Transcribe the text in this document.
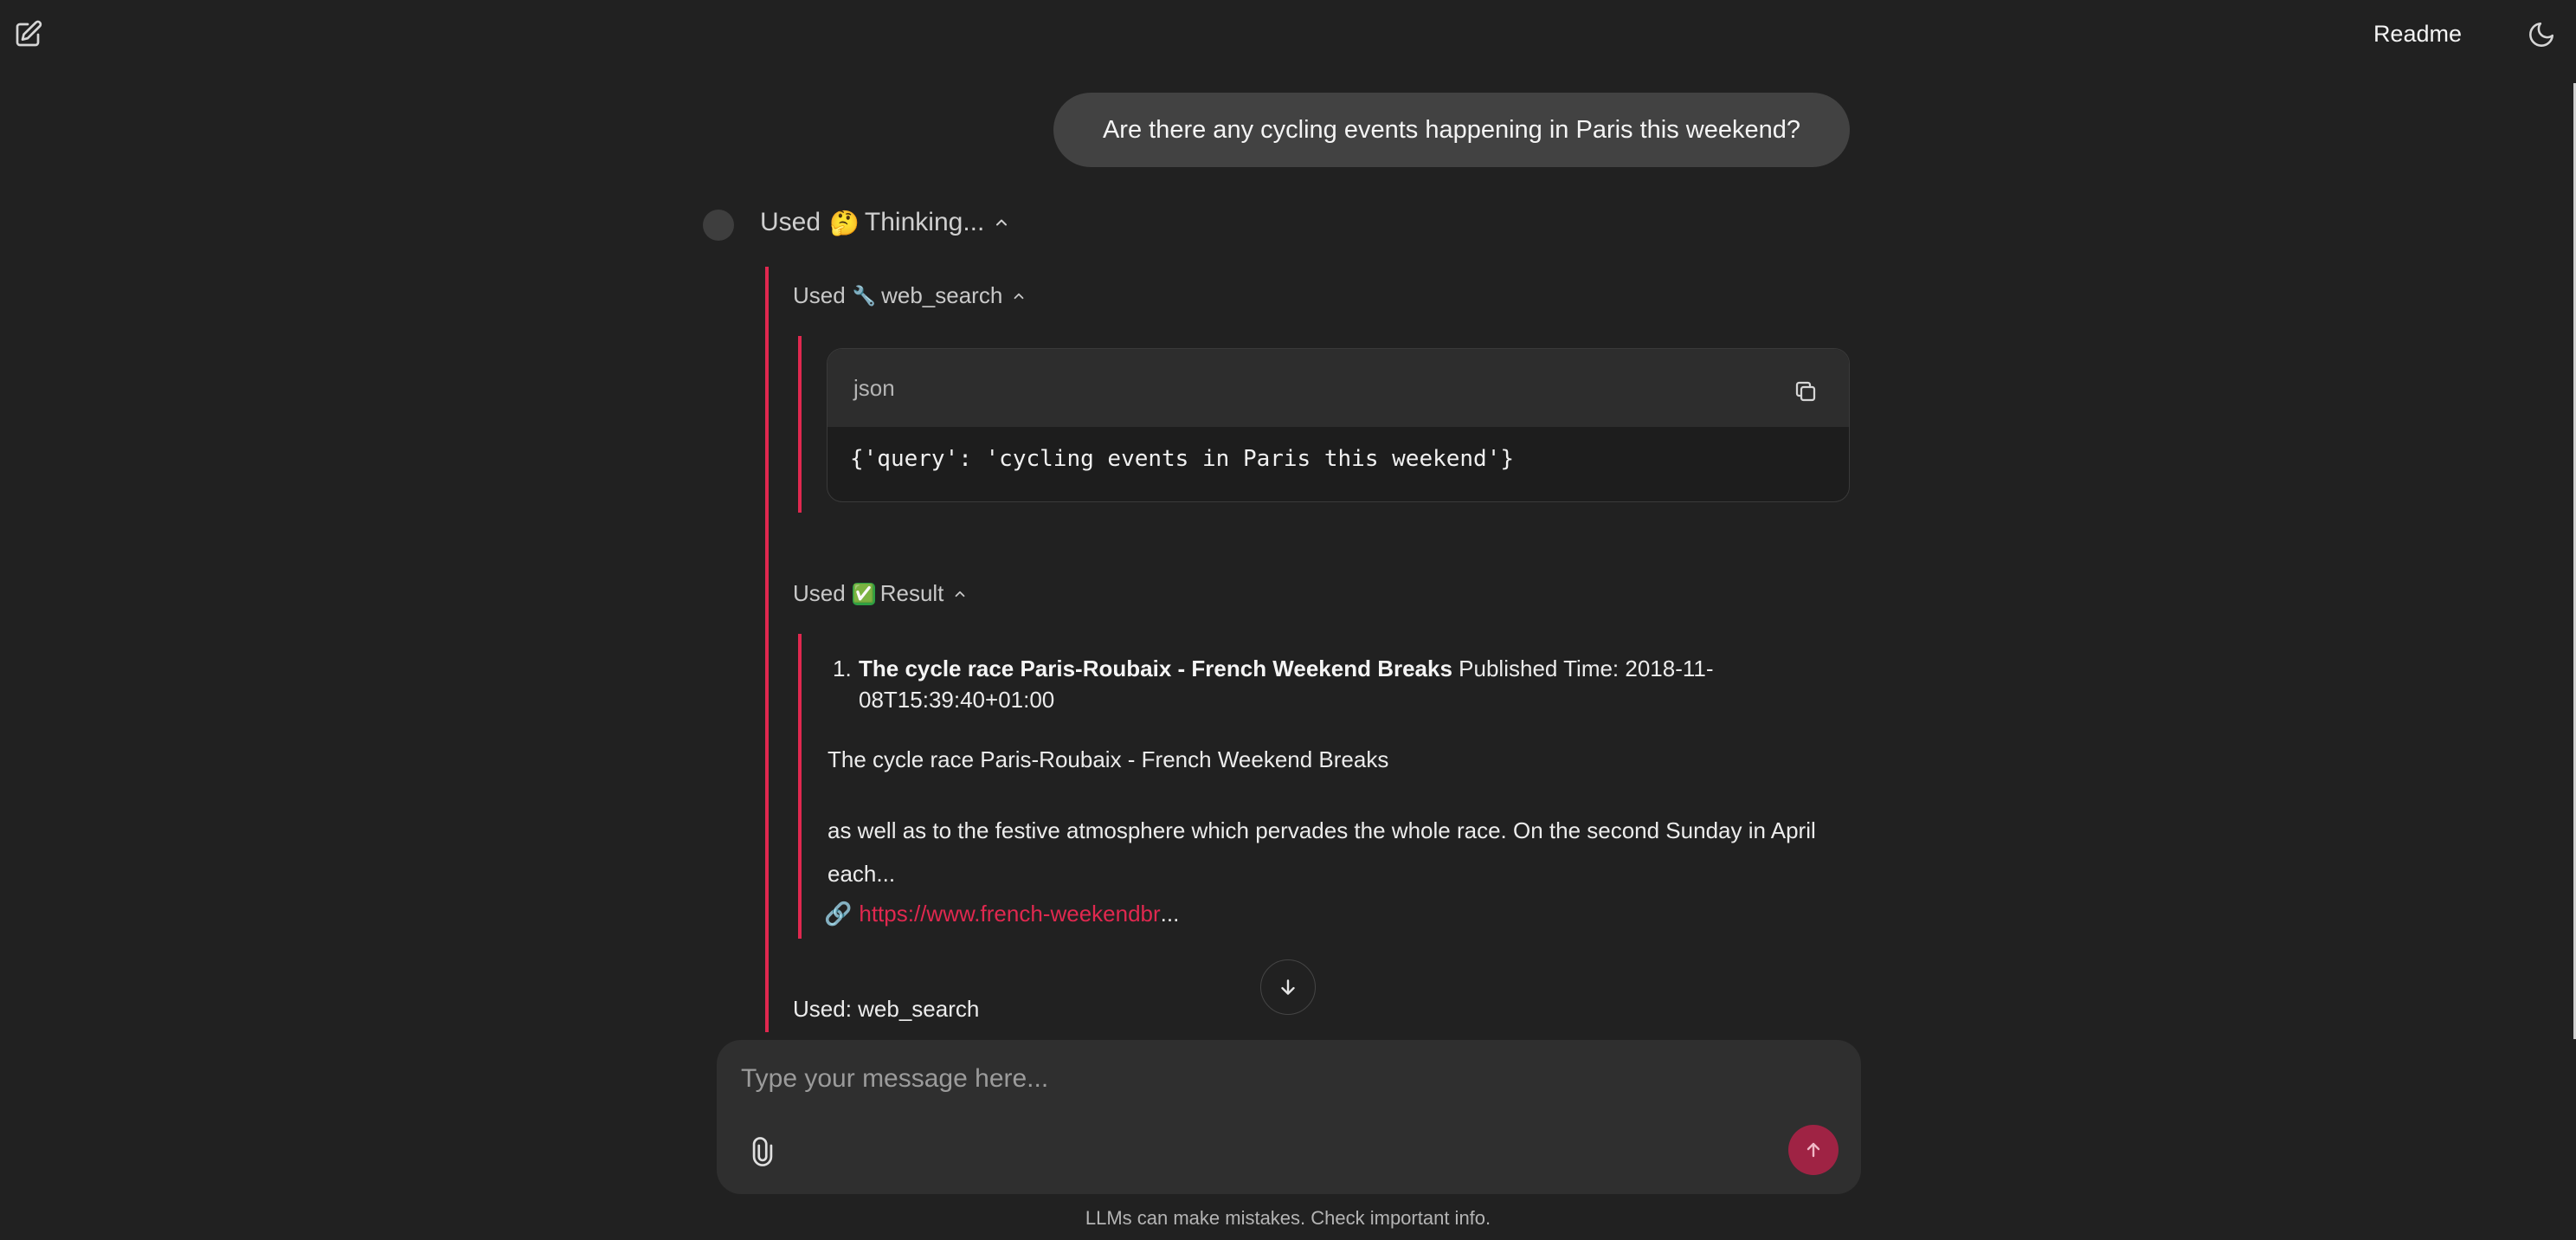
Readme
Are there any cycling events happening in Paris this weekend?
Used 🤔 Thinking...
Used 🔧 web_search
json
{'query': 'cycling events in Paris this weekend'}
Used ✅ Result
1. The cycle race Paris-Roubaix - French Weekend Breaks Published Time: 2018-11-08T15:39:40+01:00
The cycle race Paris-Roubaix - French Weekend Breaks
as well as to the festive atmosphere which pervades the whole race. On the second Sunday in April each...
🔗 https://www.french-weekendbr ...
Used: web_search
Type your message here...
LLMs can make mistakes. Check important info.
